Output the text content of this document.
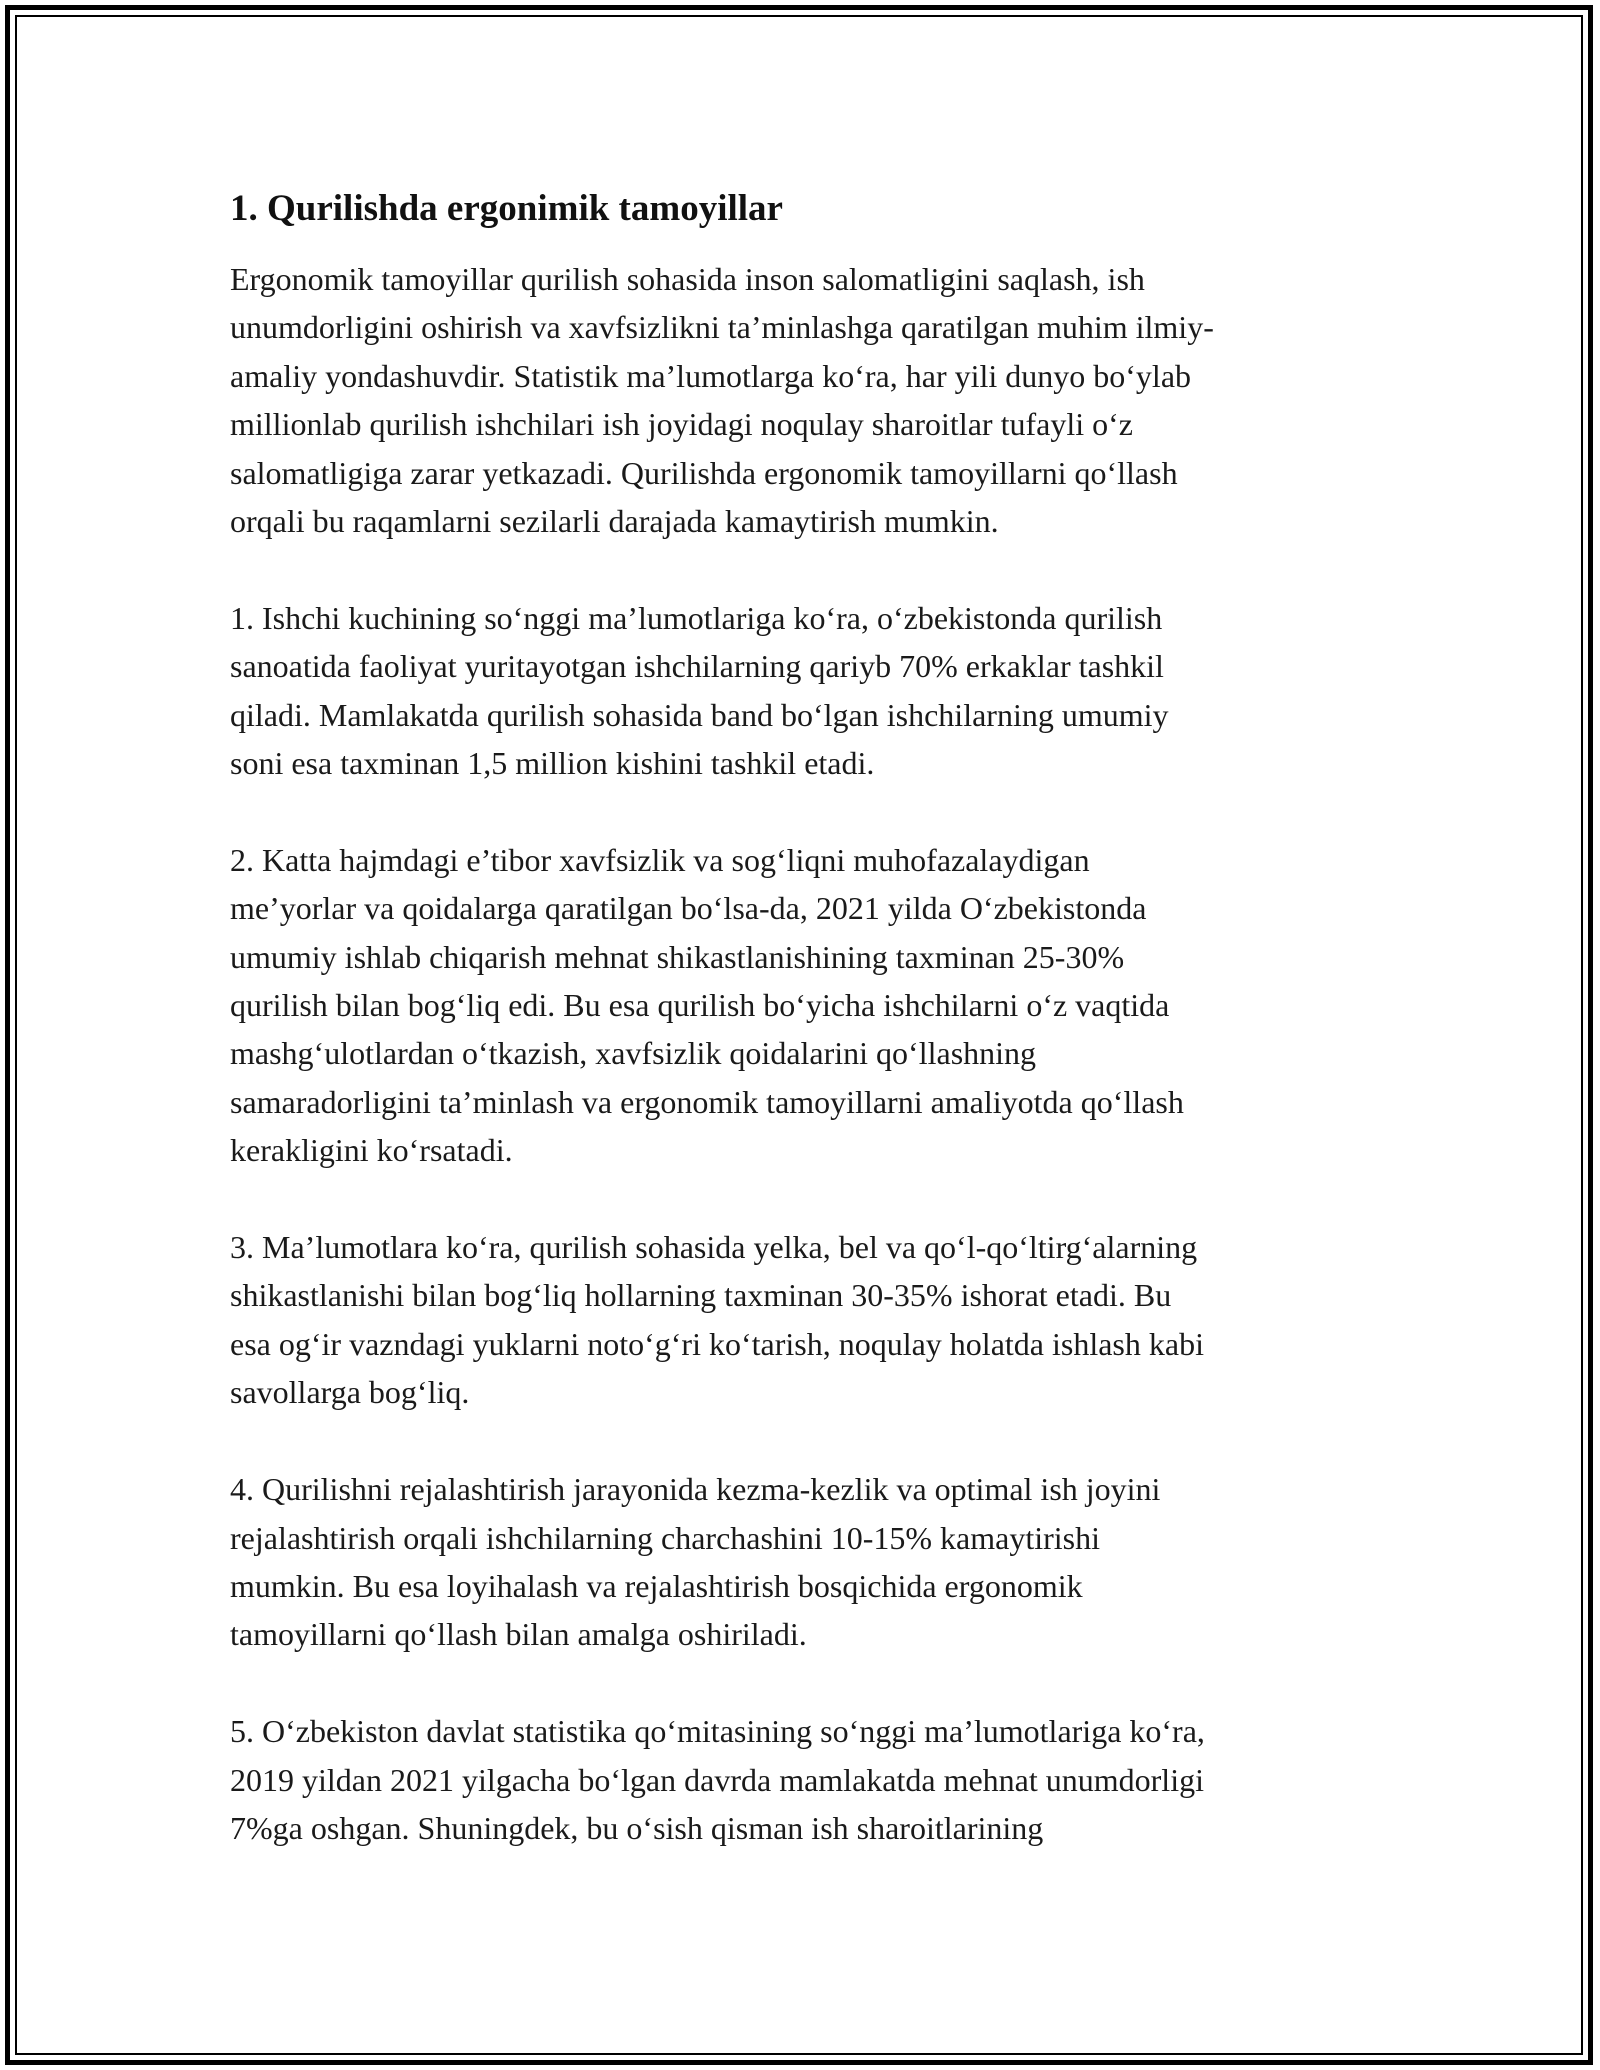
1. Qurilishda ergonimik tamoyillar

Ergonomik tamoyillar qurilish sohasida inson salomatligini saqlash, ish
unumdorligini oshirish va xavfsizlikni ta’minlashga qaratilgan muhim ilmiy-
amaliy yondashuvdir. Statistik ma’lumotlarga ko‘ra, har yili dunyo bo‘ylab
millionlab qurilish ishchilari ish joyidagi noqulay sharoitlar tufayli o‘z
salomatligiga zarar yetkazadi. Qurilishda ergonomik tamoyillarni qo‘llash
orqali bu raqamlarni sezilarli darajada kamaytirish mumkin.

1. Ishchi kuchining so‘nggi ma’lumotlariga ko‘ra, o‘zbekistonda qurilish
sanoatida faoliyat yuritayotgan ishchilarning qariyb 70% erkaklar tashkil
qiladi. Mamlakatda qurilish sohasida band bo‘lgan ishchilarning umumiy
soni esa taxminan 1,5 million kishini tashkil etadi.

2. Katta hajmdagi e’tibor xavfsizlik va sog‘liqni muhofazalaydigan
me’yorlar va qoidalarga qaratilgan bo‘lsa-da, 2021 yilda O‘zbekistonda
umumiy ishlab chiqarish mehnat shikastlanishining taxminan 25-30%
qurilish bilan bog‘liq edi. Bu esa qurilish bo‘yicha ishchilarni o‘z vaqtida
mashg‘ulotlardan o‘tkazish, xavfsizlik qoidalarini qo‘llashning
samaradorligini ta’minlash va ergonomik tamoyillarni amaliyotda qo‘llash
kerakligini ko‘rsatadi.

3. Ma’lumotlara ko‘ra, qurilish sohasida yelka, bel va qo‘l-qo‘ltirg‘alarning
shikastlanishi bilan bog‘liq hollarning taxminan 30-35% ishorat etadi. Bu
esa og‘ir vazndagi yuklarni noto‘g‘ri ko‘tarish, noqulay holatda ishlash kabi
savollarga bog‘liq.

4. Qurilishni rejalashtirish jarayonida kezma-kezlik va optimal ish joyini
rejalashtirish orqali ishchilarning charchashini 10-15% kamaytirishi
mumkin. Bu esa loyihalash va rejalashtirish bosqichida ergonomik
tamoyillarni qo‘llash bilan amalga oshiriladi.

5. O‘zbekiston davlat statistika qo‘mitasining so‘nggi ma’lumotlariga ko‘ra,
2019 yildan 2021 yilgacha bo‘lgan davrda mamlakatda mehnat unumdorligi
7%ga oshgan. Shuningdek, bu o‘sish qisman ish sharoitlarining
